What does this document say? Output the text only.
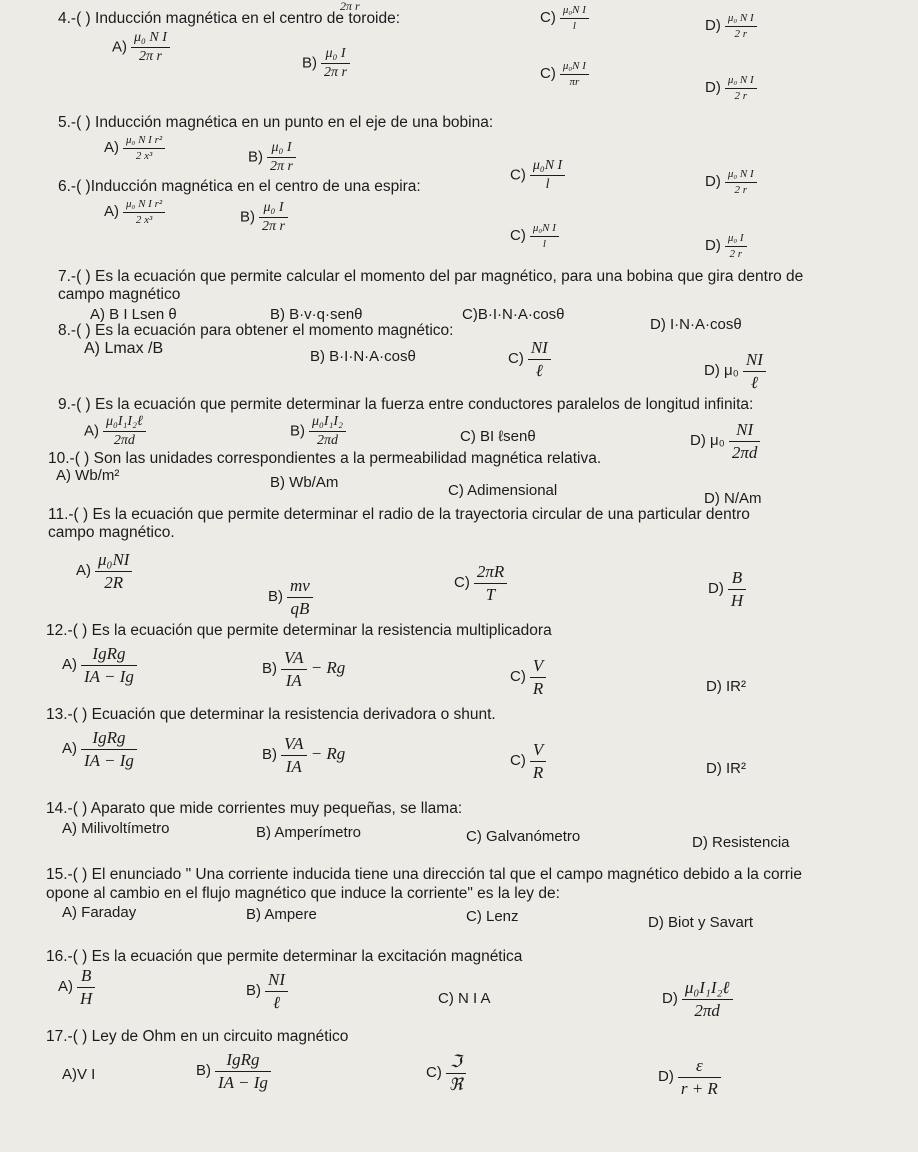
2π r
4.-( ) Inducción magnética en el centro de toroide:	$C) \frac{\text{μ₀N I}}{l}$	$D) \frac{\text{μ₀ N I}}{2 r}$
$A) \frac{\text{μ₀ N I}}{\text{2π r}}$	$B) \frac{\text{μ₀ I}}{\text{2π r}}$	$C) \frac{\text{μ₀N I}}{\pi r}$	$D) \frac{\text{μ₀ N I}}{2 r}$
5.-( ) Inducción magnética en un punto en el eje de una bobina:
$A) \frac{\text{μ₀ N I r²}}{\text{2 x³}}$	$B) \frac{\text{μ₀ I}}{\text{2π r}}$	$C) \frac{\text{μ₀N I}}{l}$	$D) \frac{\text{μ₀ N I}}{2 r}$
6.-( )Inducción magnética en el centro de una espira:
$A) \frac{\text{μ₀ N I r²}}{\text{2 x³}}$	$B) \frac{\text{μ₀ I}}{\text{2π r}}$
$C) \frac{\text{μ₀N I}}{l}$	$D) \frac{\text{μ₀ I}}{2 r}$
7.-( ) Es la ecuación que permite calcular el momento del par magnético, para una bobina que gira dentro de
campo magnético
A) B I Lsen θ	B) B·v·q·senθ	C)B·I·N·A·cosθ
D) I·N·A·cosθ
8.-( ) Es la ecuación para obtener el momento magnético:
A) Lmax /B	B) B·I·N·A·cosθ	$C) \frac{NI}{\text{ℓ}}$	D) $\mu_0 \frac{NI}{\text{ℓ}}$
9.-( ) Es la ecuación que permite determinar la fuerza entre conductores paralelos de longitud infinita:
$A) \frac{\text{μ₀I₁I₂ℓ}}{2\pi d}$	$B) \frac{\text{μ₀I₁I₂}}{2\pi d}$	C) BI ℓsenθ	D) $\mu_0 \frac{NI}{2\pi d}$
10.-( ) Son las unidades correspondientes a la permeabilidad magnética relativa.
A) Wb/m²	B) Wb/Am	C) Adimensional	D) N/Am
11.-( ) Es la ecuación que permite determinar el radio de la trayectoria circular de una particular dentro
campo magnético.
$A) \frac{\text{μ₀NI}}{2R}$
$B) \frac{mv}{qB}$	$C) \frac{2\pi R}{T}$	$D) \frac{B}{H}$
12.-( ) Es la ecuación que permite determinar la resistencia multiplicadora
$A) \frac{\text{IgRg}}{IA - Ig}$	$B) \frac{VA}{IA} - Rg$	$C) \frac{V}{R}$	D) IR²
13.-( ) Ecuación que determinar la resistencia derivadora o shunt.
$A) \frac{\text{IgRg}}{IA - Ig}$	$B) \frac{VA}{IA} - Rg$	$C) \frac{V}{R}$	D) IR²
14.-( ) Aparato que mide corrientes muy pequeñas, se llama:
A) Milivoltímetro	B) Amperímetro	C) Galvanómetro	D) Resistencia
15.-( ) El enunciado " Una corriente inducida tiene una dirección tal que el campo magnético debido a la corrie
opone al cambio en el flujo magnético que induce la corriente" es la ley de:
A) Faraday	B) Ampere	C) Lenz	D) Biot y Savart
16.-( ) Es la ecuación que permite determinar la excitación magnética
$A) \frac{B}{H}$	$B) \frac{NI}{\text{ℓ}}$	C) N I A	$D) \frac{\text{μ₀I₁I₂ℓ}}{2\pi d}$
17.-( ) Ley de Ohm en un circuito magnético
A)V I	$B) \frac{\text{IgRg}}{IA - Ig}$	$C) \frac{\text{ℑ}}{\text{ℜ}}$	$D) \frac{\varepsilon}{r + R}$
